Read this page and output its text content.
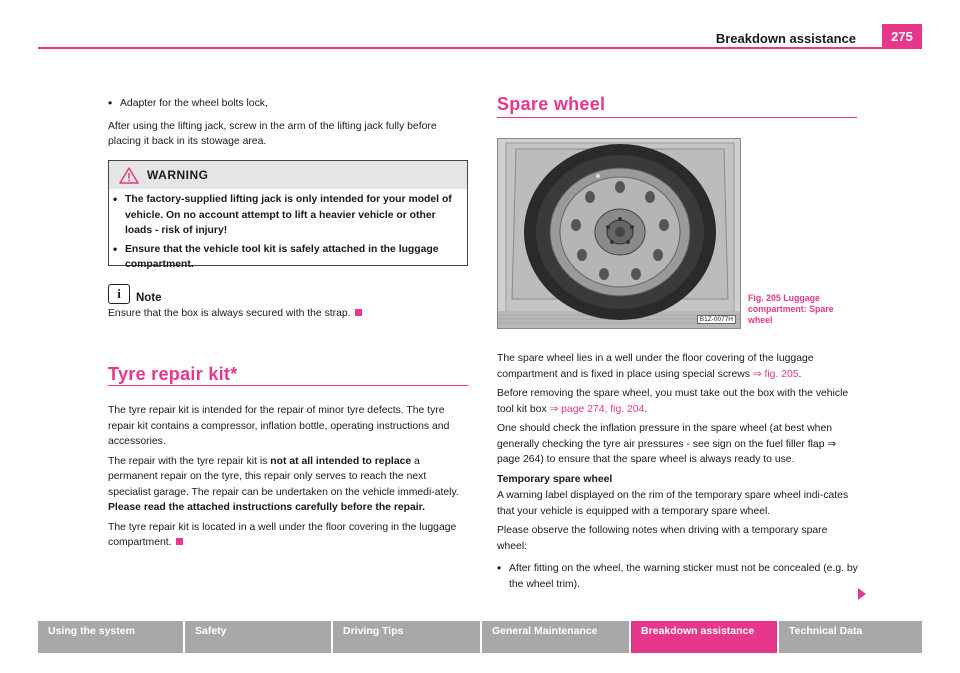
Breakdown assistance	275
• Adapter for the wheel bolts lock,

After using the lifting jack, screw in the arm of the lifting jack fully before placing it back in its stowage area.

WARNING
• The factory-supplied lifting jack is only intended for your model of vehicle. On no account attempt to lift a heavier vehicle or other loads - risk of injury!
• Ensure that the vehicle tool kit is safely attached in the luggage compartment.
i	Note
Ensure that the box is always secured with the strap.
Tyre repair kit*

The tyre repair kit is intended for the repair of minor tyre defects. The tyre repair kit contains a compressor, inflation bottle, operating instructions and accessories.

The repair with the tyre repair kit is not at all intended to replace a permanent repair on the tyre, this repair only serves to reach the next specialist garage. The repair can be undertaken on the vehicle immedi-ately. Please read the attached instructions carefully before the repair.

The tyre repair kit is located in a well under the floor covering in the luggage compartment.

Spare wheel
B1Z-0077H
Fig. 205 Luggage compartment: Spare wheel

The spare wheel lies in a well under the floor covering of the luggage compartment and is fixed in place using special screws ⇒ fig. 205.

Before removing the spare wheel, you must take out the box with the vehicle tool kit box ⇒ page 274, fig. 204.

One should check the inflation pressure in the spare wheel (at best when generally checking the tyre air pressures - see sign on the fuel filler flap ⇒ page 264) to ensure that the spare wheel is always ready to use.

Temporary spare wheel

A warning label displayed on the rim of the temporary spare wheel indi-cates that your vehicle is equipped with a temporary spare wheel.

Please observe the following notes when driving with a temporary spare wheel:

• After fitting on the wheel, the warning sticker must not be concealed (e.g. by the wheel trim).
Using the system	Safety	Driving Tips	General Maintenance	Breakdown assistance	Technical Data
